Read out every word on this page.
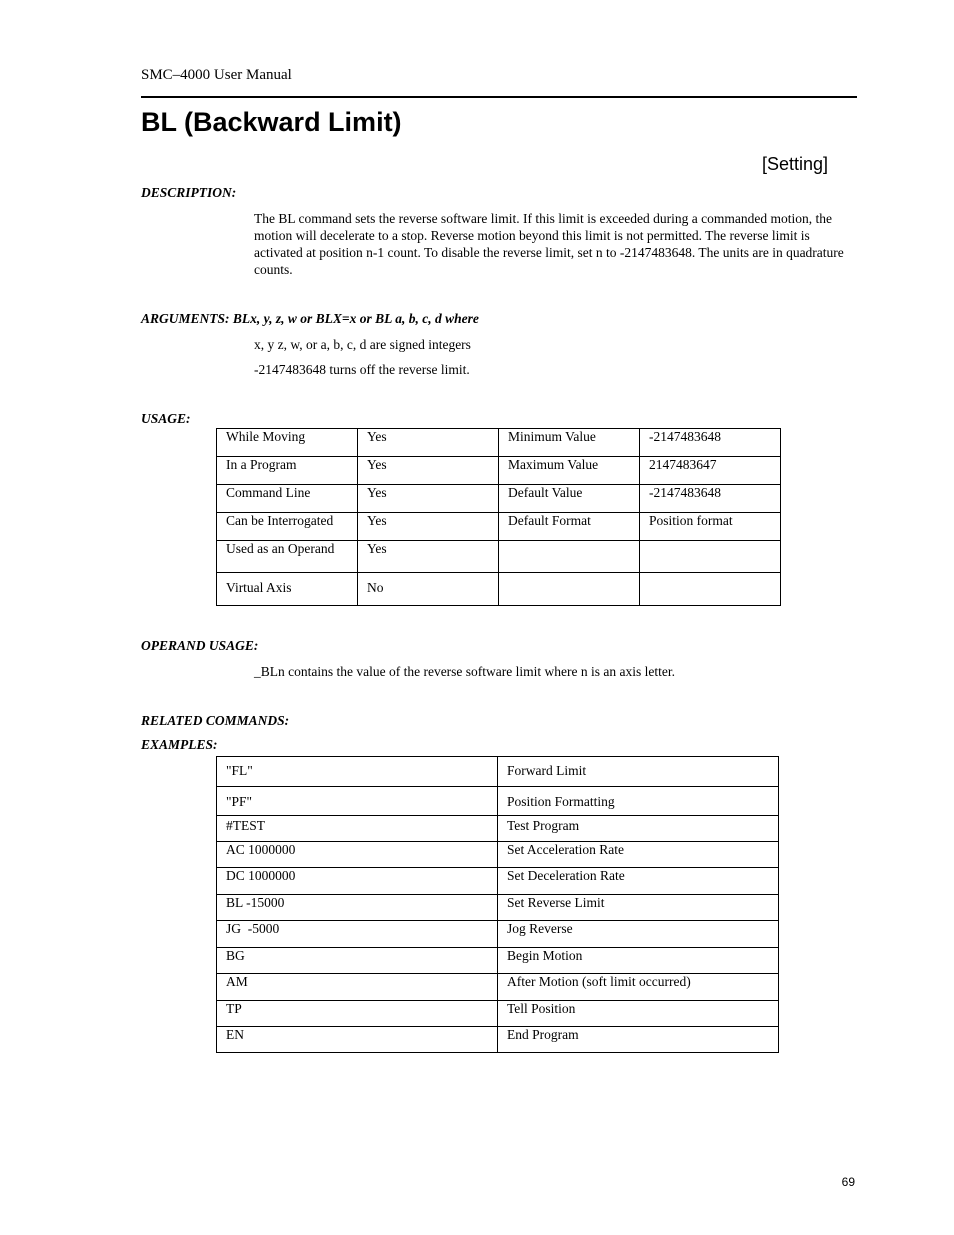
SMC–4000 User Manual
BL (Backward Limit)
[Setting]
DESCRIPTION:
The BL command sets the reverse software limit. If this limit is exceeded during a commanded motion, the motion will decelerate to a stop. Reverse motion beyond this limit is not permitted. The reverse limit is activated at position n-1 count. To disable the reverse limit, set n to -2147483648. The units are in quadrature counts.
ARGUMENTS: BLx, y, z, w or BLX=x or BL a, b, c, d where
x, y z, w, or a, b, c, d are signed integers
-2147483648 turns off the reverse limit.
USAGE:
While Moving	Yes	Minimum Value	-2147483648
In a Program	Yes	Maximum Value	2147483647
Command Line	Yes	Default Value	-2147483648
Can be Interrogated	Yes	Default Format	Position format
Used as an Operand	Yes		
Virtual Axis	No		
OPERAND USAGE:
_BLn contains the value of the reverse software limit where n is an axis letter.
RELATED COMMANDS:
EXAMPLES:
"FL"	Forward Limit
"PF"	Position Formatting
#TEST	Test Program
AC 1000000	Set Acceleration Rate
DC 1000000	Set Deceleration Rate
BL -15000	Set Reverse Limit
JG  -5000	Jog Reverse
BG	Begin Motion
AM	After Motion (soft limit occurred)
TP	Tell Position
EN	End Program
69
